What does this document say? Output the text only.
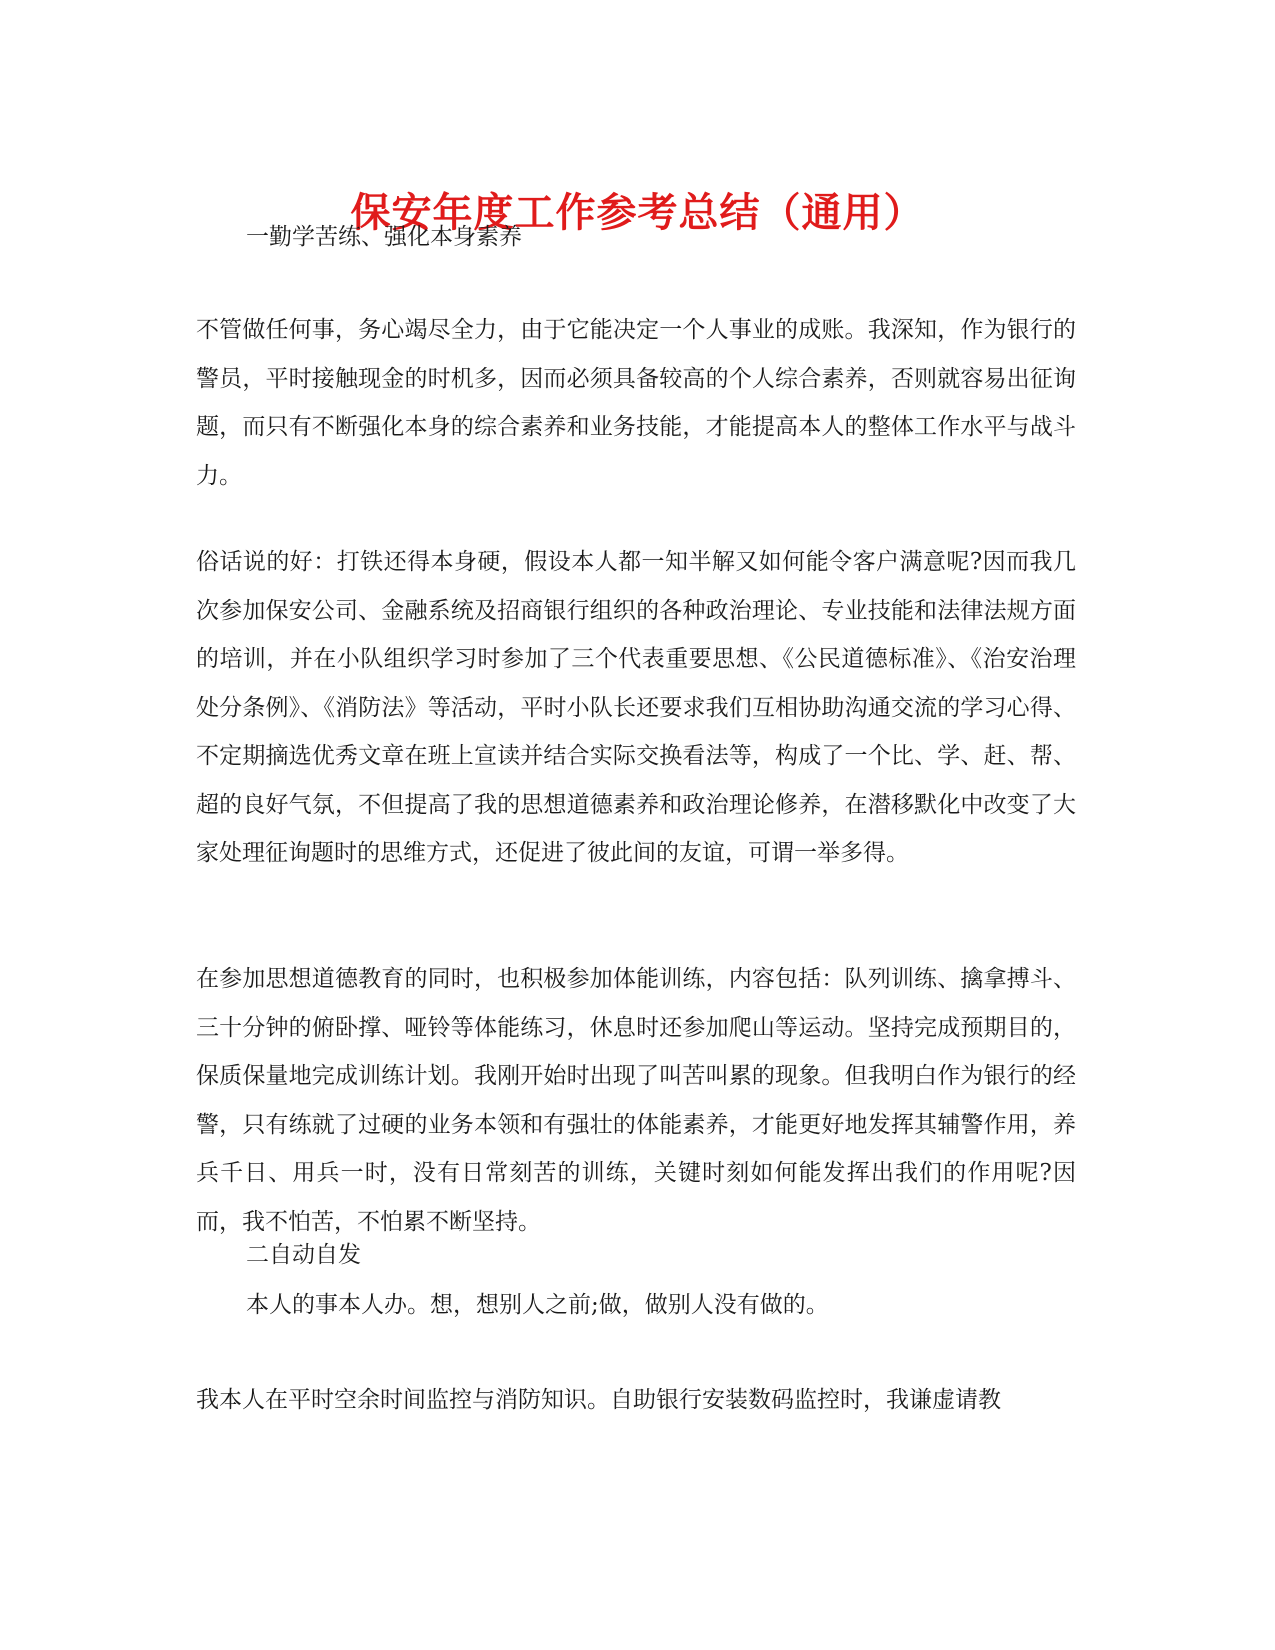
保安年度工作参考总结（通用）
一勤学苦练、强化本身素养

不管做任何事，务心竭尽全力，由于它能决定一个人事业的成账。我深知，作为银行的警员，平时接触现金的时机多，因而必须具备较高的个人综合素养，否则就容易出征询题，而只有不断强化本身的综合素养和业务技能，才能提高本人的整体工作水平与战斗力。

俗话说的好：打铁还得本身硬，假设本人都一知半解又如何能令客户满意呢?因而我几次参加保安公司、金融系统及招商银行组织的各种政治理论、专业技能和法律法规方面的培训，并在小队组织学习时参加了三个代表重要思想、《公民道德标准》、《治安治理处分条例》、《消防法》等活动，平时小队长还要求我们互相协助沟通交流的学习心得、不定期摘选优秀文章在班上宣读并结合实际交换看法等，构成了一个比、学、赶、帮、超的良好气氛，不但提高了我的思想道德素养和政治理论修养，在潜移默化中改变了大家处理征询题时的思维方式，还促进了彼此间的友谊，可谓一举多得。

在参加思想道德教育的同时，也积极参加体能训练，内容包括：队列训练、擒拿搏斗、三十分钟的俯卧撑、哑铃等体能练习，休息时还参加爬山等运动。坚持完成预期目的，保质保量地完成训练计划。我刚开始时出现了叫苦叫累的现象。但我明白作为银行的经警，只有练就了过硬的业务本领和有强壮的体能素养，才能更好地发挥其辅警作用，养兵千日、用兵一时，没有日常刻苦的训练，关键时刻如何能发挥出我们的作用呢?因而，我不怕苦，不怕累不断坚持。

二自动自发
本人的事本人办。想，想别人之前;做，做别人没有做的。

我本人在平时空余时间监控与消防知识。自助银行安装数码监控时，我谦虚请教
